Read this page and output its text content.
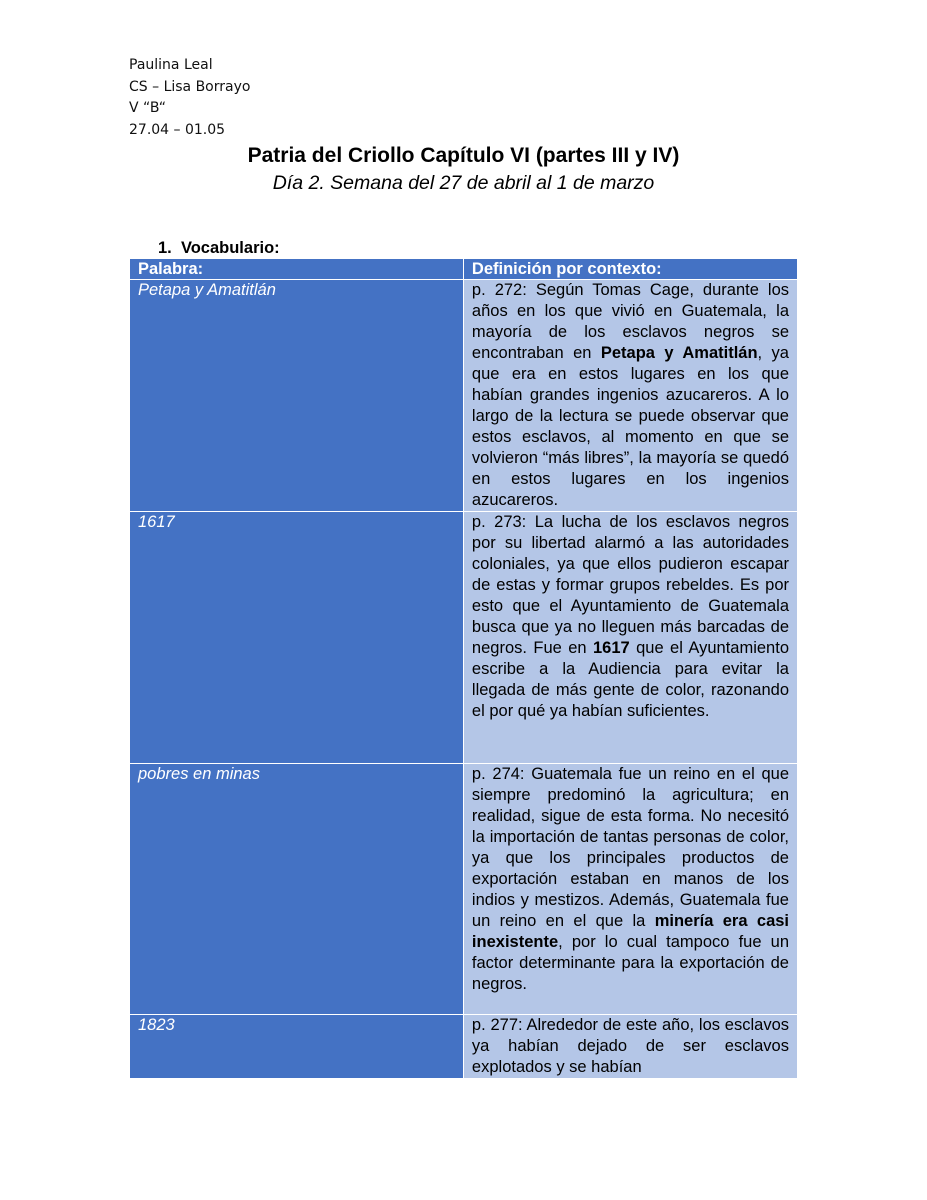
Paulina Leal
CS – Lisa Borrayo
V “B“
27.04 – 01.05
Patria del Criollo Capítulo VI (partes III y IV)
Día 2. Semana del 27 de abril al 1 de marzo
1. Vocabulario:
Palabra:	Definición por contexto:
Petapa y Amatitlán	p. 272: Según Tomas Cage, durante los años en los que vivió en Guatemala, la mayoría de los esclavos negros se encontraban en Petapa y Amatitlán, ya que era en estos lugares en los que habían grandes ingenios azucareros. A lo largo de la lectura se puede observar que estos esclavos, al momento en que se volvieron “más libres”, la mayoría se quedó en estos lugares en los ingenios azucareros.
1617	p. 273: La lucha de los esclavos negros por su libertad alarmó a las autoridades coloniales, ya que ellos pudieron escapar de estas y formar grupos rebeldes. Es por esto que el Ayuntamiento de Guatemala busca que ya no lleguen más barcadas de negros. Fue en 1617 que el Ayuntamiento escribe a la Audiencia para evitar la llegada de más gente de color, razonando el por qué ya habían suficientes.
pobres en minas	p. 274: Guatemala fue un reino en el que siempre predominó la agricultura; en realidad, sigue de esta forma. No necesitó la importación de tantas personas de color, ya que los principales productos de exportación estaban en manos de los indios y mestizos. Además, Guatemala fue un reino en el que la minería era casi inexistente, por lo cual tampoco fue un factor determinante para la exportación de negros.
1823	p. 277: Alrededor de este año, los esclavos ya habían dejado de ser esclavos explotados y se habían
